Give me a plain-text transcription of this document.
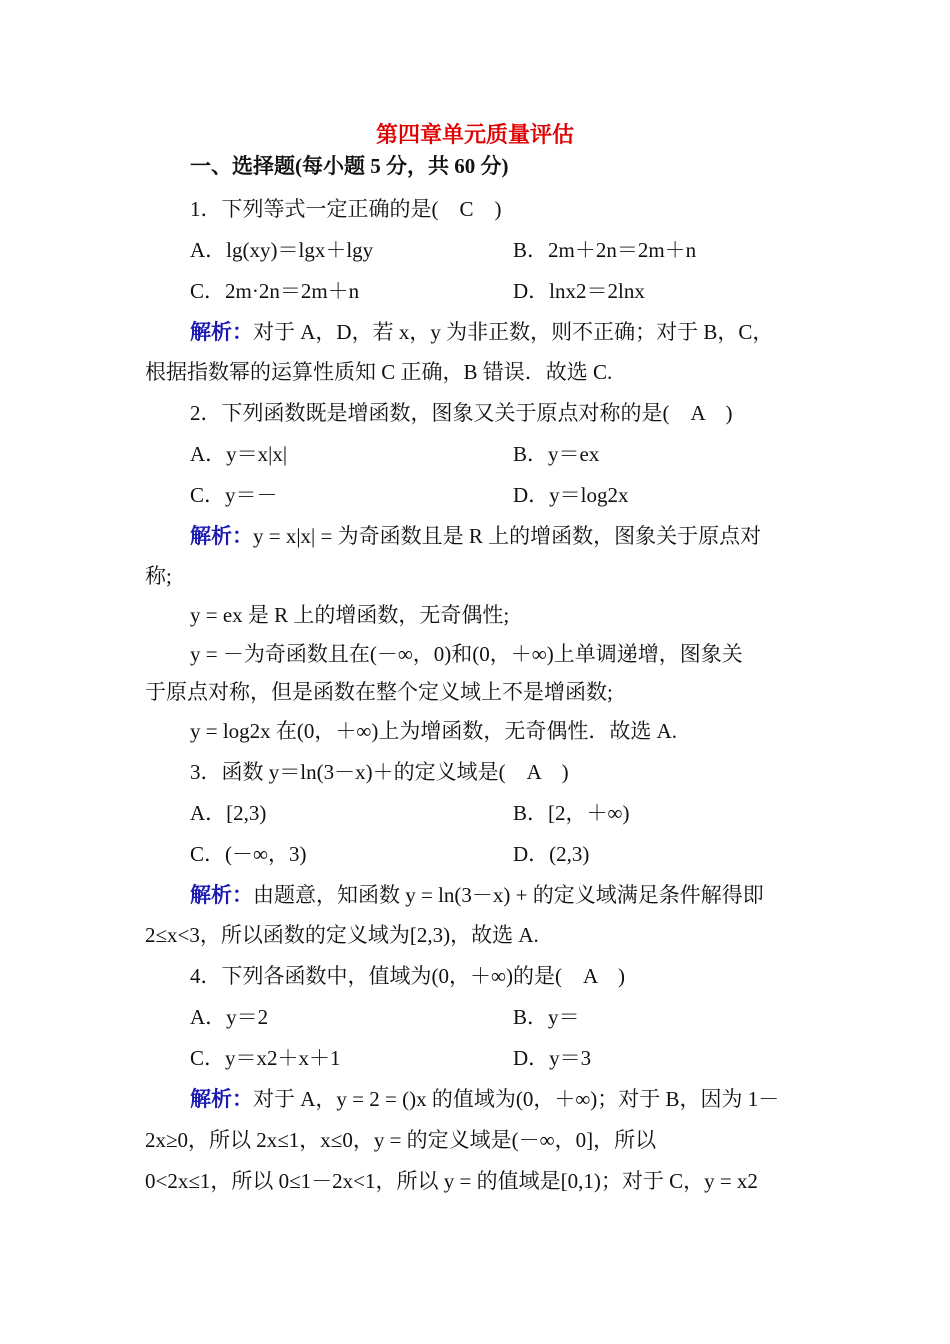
第四章单元质量评估
一、选择题(每小题 5 分，共 60 分)
1．下列等式一定正确的是(　C　)
A．lg(xy)＝lgx＋lgy	B．2m＋2n＝2m＋n
C．2m·2n＝2m＋n	D．lnx2＝2lnx
解析：对于 A，D，若 x，y 为非正数，则不正确；对于 B，C，
根据指数幂的运算性质知 C 正确，B 错误．故选 C.
2．下列函数既是增函数，图象又关于原点对称的是(　A　)
A．y＝x|x|	B．y＝ex
C．y＝－	D．y＝log2x
解析：y = x|x| = 为奇函数且是 R 上的增函数，图象关于原点对
称;
y = ex 是 R 上的增函数，无奇偶性;
y = －为奇函数且在(－∞，0)和(0，＋∞)上单调递增，图象关
于原点对称，但是函数在整个定义域上不是增函数;
y = log2x 在(0，＋∞)上为增函数，无奇偶性．故选 A.
3．函数 y＝ln(3－x)＋的定义域是(　A　)
A．[2,3)	B．[2，＋∞)
C．(－∞，3)	D．(2,3)
解析：由题意，知函数 y = ln(3－x) + 的定义域满足条件解得即
2≤x<3，所以函数的定义域为[2,3)，故选 A.
4．下列各函数中，值域为(0，＋∞)的是(　A　)
A．y＝2	B．y＝
C．y＝x2＋x＋1	D．y＝3
解析：对于 A，y = 2 = ()x 的值域为(0，＋∞)；对于 B，因为 1－
2x≥0，所以 2x≤1，x≤0，y = 的定义域是(－∞，0]，所以
0<2x≤1，所以 0≤1－2x<1，所以 y = 的值域是[0,1)；对于 C，y = x2
